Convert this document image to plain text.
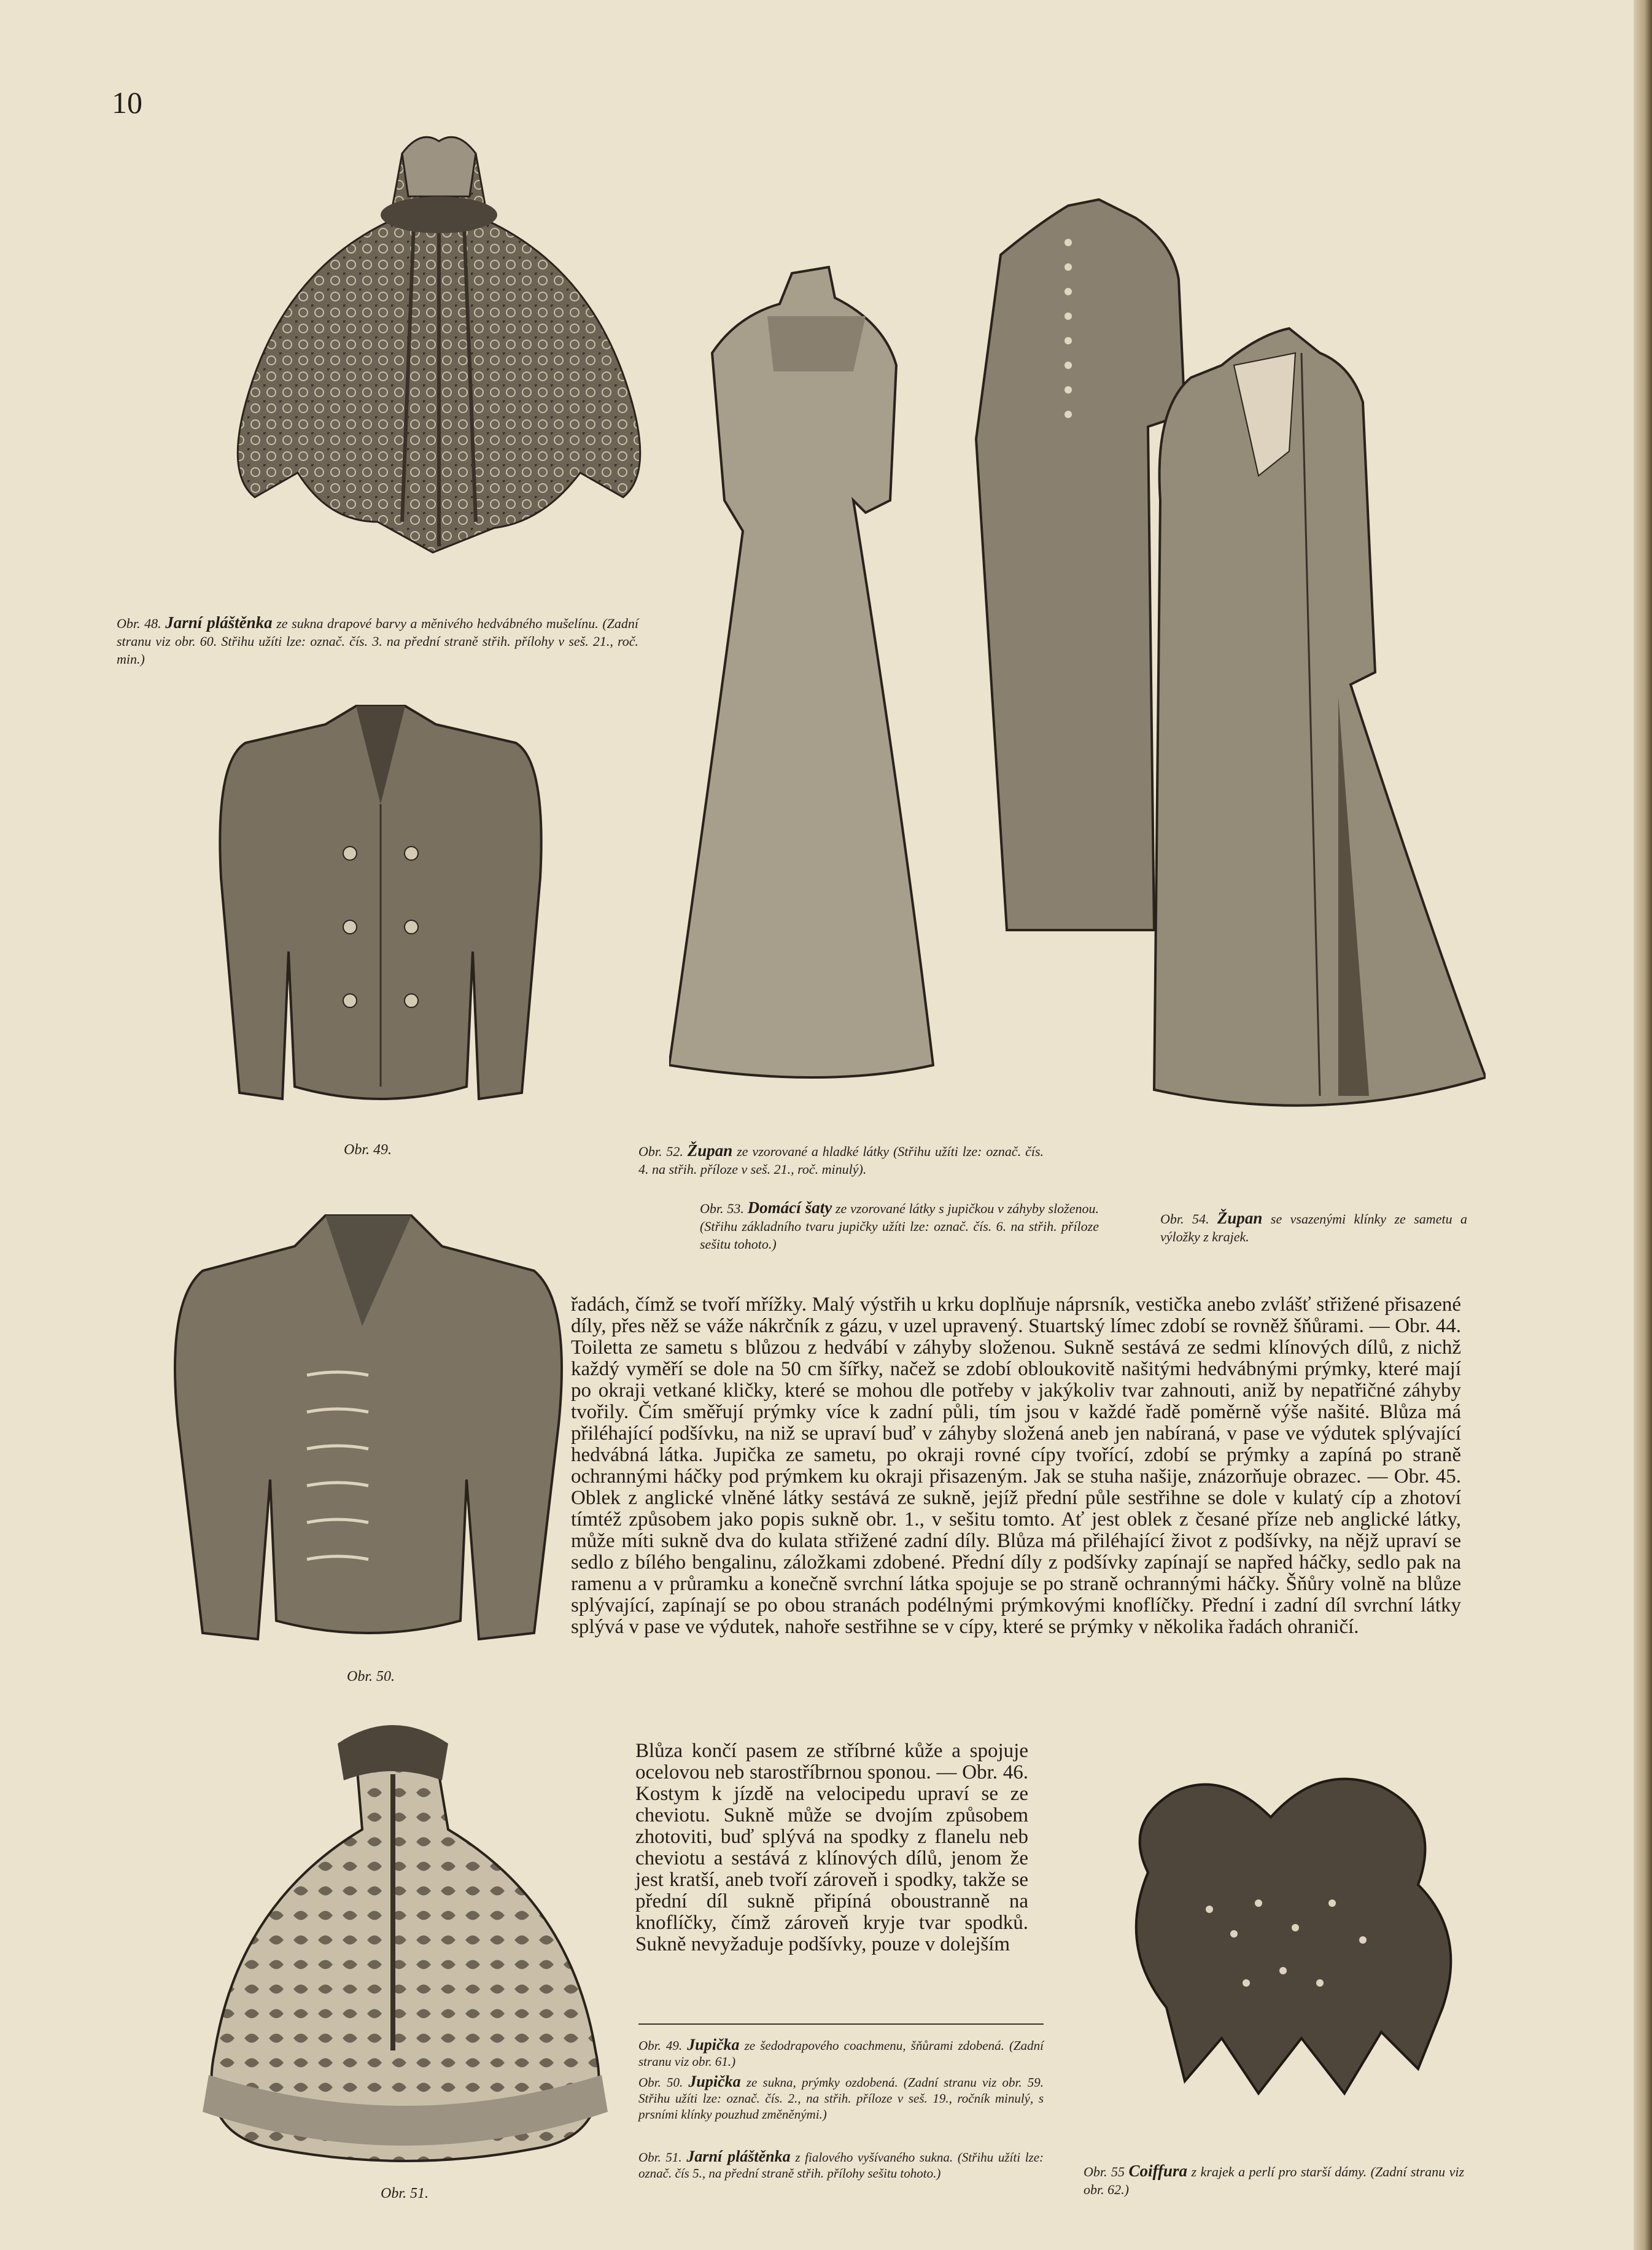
10
Obr. 48. Jarní pláštěnka ze sukna drapové barvy a měnivého hedvábného mušelínu. (Zadní stranu viz obr. 60. Střihu užíti lze: označ. čís. 3. na přední straně střih. přílohy v seš. 21., roč. min.)
Obr. 49.	Obr. 52. Župan ze vzorované a hladké látky (Střihu užíti lze: označ. čís. 4. na střih. příloze v seš. 21., roč. minulý).
Obr. 53. Domácí šaty ze vzorované látky s jupičkou v záhyby složenou. (Střihu základního tvaru jupičky užíti lze: označ. čís. 6. na střih. příloze sešitu tohoto.)
Obr. 54. Župan se vsazenými klínky ze sametu a výložky z krajek.
Obr. 50.
Obr. 51.

řadách, čímž se tvoří mřížky. Malý výstřih u krku doplňuje náprsník, vestička anebo zvlášť střižené přisazené díly, přes něž se váže nákrčník z gázu, v uzel upravený. Stuartský límec zdobí se rovněž šňůrami. — Obr. 44. Toiletta ze sametu s blůzou z hedvábí v záhyby složenou. Sukně sestává ze sedmi klínových dílů, z nichž každý vyměří se dole na 50 cm šířky, načež se zdobí obloukovitě našitými hedvábnými prýmky, které mají po okraji vetkané kličky, které se mohou dle potřeby v jakýkoliv tvar zahnouti, aniž by nepatřičné záhyby tvořily. Čím směřují prýmky více k zadní půli, tím jsou v každé řadě poměrně výše našité. Blůza má přiléhající podšívku, na niž se upraví buď v záhyby složená aneb jen nabíraná, v pase ve výdutek splývající hedvábná látka. Jupička ze sametu, po okraji rovné cípy tvořící, zdobí se prýmky a zapíná po straně ochrannými háčky pod prýmkem ku okraji přisazeným. Jak se stuha našije, znázorňuje obrazec. — Obr. 45. Oblek z anglické vlněné látky sestává ze sukně, jejíž přední půle sestřihne se dole v kulatý cíp a zhotoví tímtéž způsobem jako popis sukně obr. 1., v sešitu tomto. Ať jest oblek z česané příze neb anglické látky, může míti sukně dva do kulata střižené zadní díly. Blůza má přiléhající život z podšívky, na nějž upraví se sedlo z bílého bengalinu, záložkami zdobené. Přední díly z podšívky zapínají se napřed háčky, sedlo pak na ramenu a v průramku a konečně svrchní látka spojuje se po straně ochrannými háčky. Šňůry volně na blůze splývající, zapínají se po obou stranách podélnými prýmkovými knoflíčky. Přední i zadní díl svrchní látky splývá v pase ve výdutek, nahoře sestřihne se v cípy, které se prýmky v několika řadách ohraničí.

Blůza končí pasem ze stříbrné kůže a spojuje ocelovou neb starostříbrnou sponou. — Obr. 46. Kostym k jízdě na velocipedu upraví se ze cheviotu. Sukně může se dvojím způsobem zhotoviti, buď splývá na spodky z flanelu neb cheviotu a sestává z klínových dílů, jenom že jest kratší, aneb tvoří zároveň i spodky, takže se přední díl sukně připíná oboustranně na knoflíčky, čímž zároveň kryje tvar spodků. Sukně nevyžaduje podšívky, pouze v dolejším

Obr. 49. Jupička ze šedodrapového coachmenu, šňůrami zdobená. (Zadní stranu viz obr. 61.)
Obr. 50. Jupička ze sukna, prýmky ozdobená. (Zadní stranu viz obr. 59. Střihu užíti lze: označ. čís. 2., na střih. příloze v seš. 19., ročník minulý, s prsními klínky pouzhud změněnými.)
Obr. 51. Jarní pláštěnka z fialového vyšívaného sukna. (Střihu užíti lze: označ. čís 5., na přední straně střih. přílohy sešitu tohoto.)	Obr. 55 Coiffura z krajek a perlí pro starší dámy. (Zadní stranu viz obr. 62.)
